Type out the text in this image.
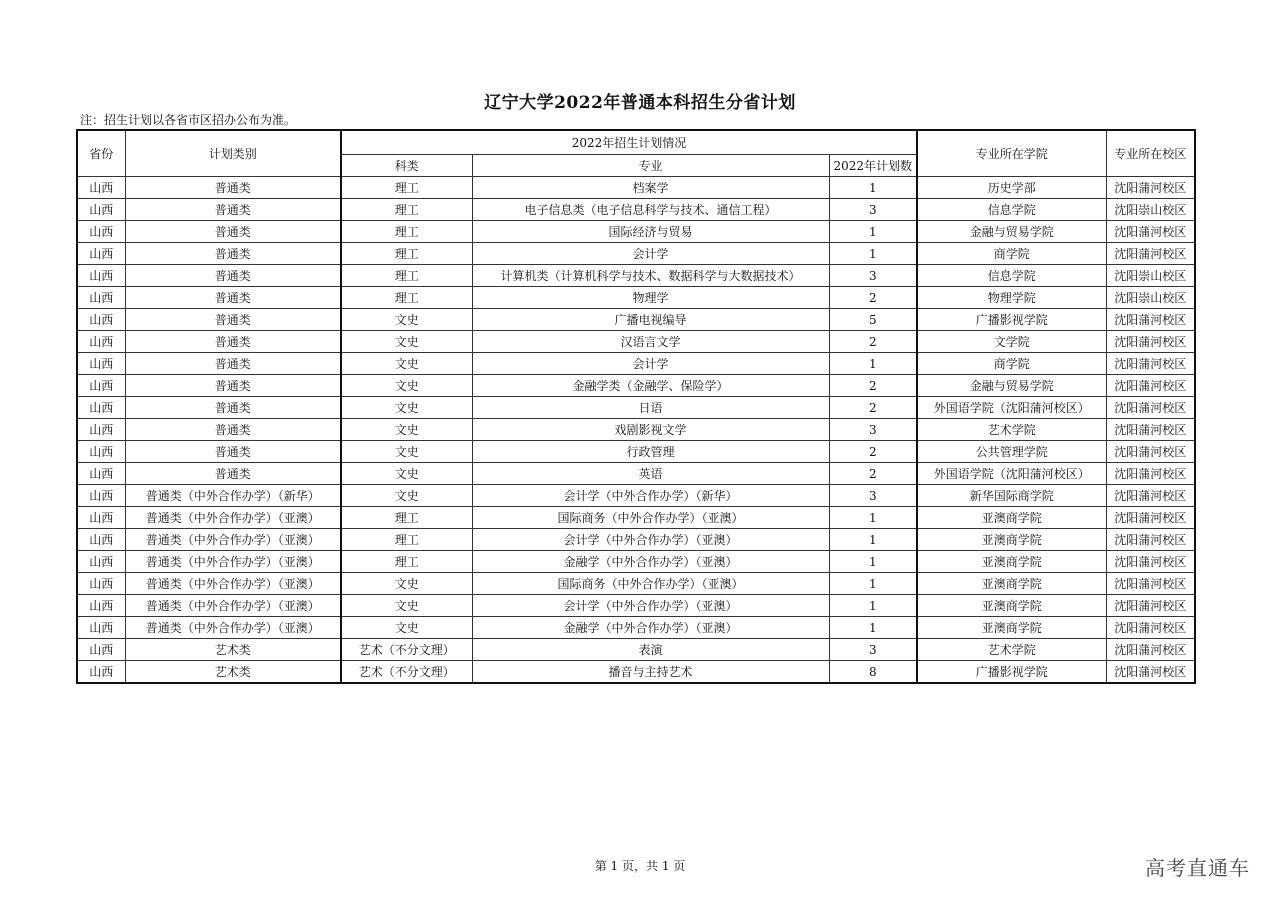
辽宁大学2022年普通本科招生分省计划
注：招生计划以各省市区招办公布为准。
省份	计划类别	2022年招生计划情况			专业所在学院	专业所在校区
		科类	专业	2022年计划数		
山西	普通类	理工	档案学	1	历史学部	沈阳蒲河校区
山西	普通类	理工	电子信息类（电子信息科学与技术、通信工程）	3	信息学院	沈阳崇山校区
山西	普通类	理工	国际经济与贸易	1	金融与贸易学院	沈阳蒲河校区
山西	普通类	理工	会计学	1	商学院	沈阳蒲河校区
山西	普通类	理工	计算机类（计算机科学与技术、数据科学与大数据技术）	3	信息学院	沈阳崇山校区
山西	普通类	理工	物理学	2	物理学院	沈阳崇山校区
山西	普通类	文史	广播电视编导	5	广播影视学院	沈阳蒲河校区
山西	普通类	文史	汉语言文学	2	文学院	沈阳蒲河校区
山西	普通类	文史	会计学	1	商学院	沈阳蒲河校区
山西	普通类	文史	金融学类（金融学、保险学）	2	金融与贸易学院	沈阳蒲河校区
山西	普通类	文史	日语	2	外国语学院（沈阳蒲河校区）	沈阳蒲河校区
山西	普通类	文史	戏剧影视文学	3	艺术学院	沈阳蒲河校区
山西	普通类	文史	行政管理	2	公共管理学院	沈阳蒲河校区
山西	普通类	文史	英语	2	外国语学院（沈阳蒲河校区）	沈阳蒲河校区
山西	普通类（中外合作办学）（新华）	文史	会计学（中外合作办学）（新华）	3	新华国际商学院	沈阳蒲河校区
山西	普通类（中外合作办学）（亚澳）	理工	国际商务（中外合作办学）（亚澳）	1	亚澳商学院	沈阳蒲河校区
山西	普通类（中外合作办学）（亚澳）	理工	会计学（中外合作办学）（亚澳）	1	亚澳商学院	沈阳蒲河校区
山西	普通类（中外合作办学）（亚澳）	理工	金融学（中外合作办学）（亚澳）	1	亚澳商学院	沈阳蒲河校区
山西	普通类（中外合作办学）（亚澳）	文史	国际商务（中外合作办学）（亚澳）	1	亚澳商学院	沈阳蒲河校区
山西	普通类（中外合作办学）（亚澳）	文史	会计学（中外合作办学）（亚澳）	1	亚澳商学院	沈阳蒲河校区
山西	普通类（中外合作办学）（亚澳）	文史	金融学（中外合作办学）（亚澳）	1	亚澳商学院	沈阳蒲河校区
山西	艺术类	艺术（不分文理）	表演	3	艺术学院	沈阳蒲河校区
山西	艺术类	艺术（不分文理）	播音与主持艺术	8	广播影视学院	沈阳蒲河校区
第 1 页，共 1 页	高考直通车
